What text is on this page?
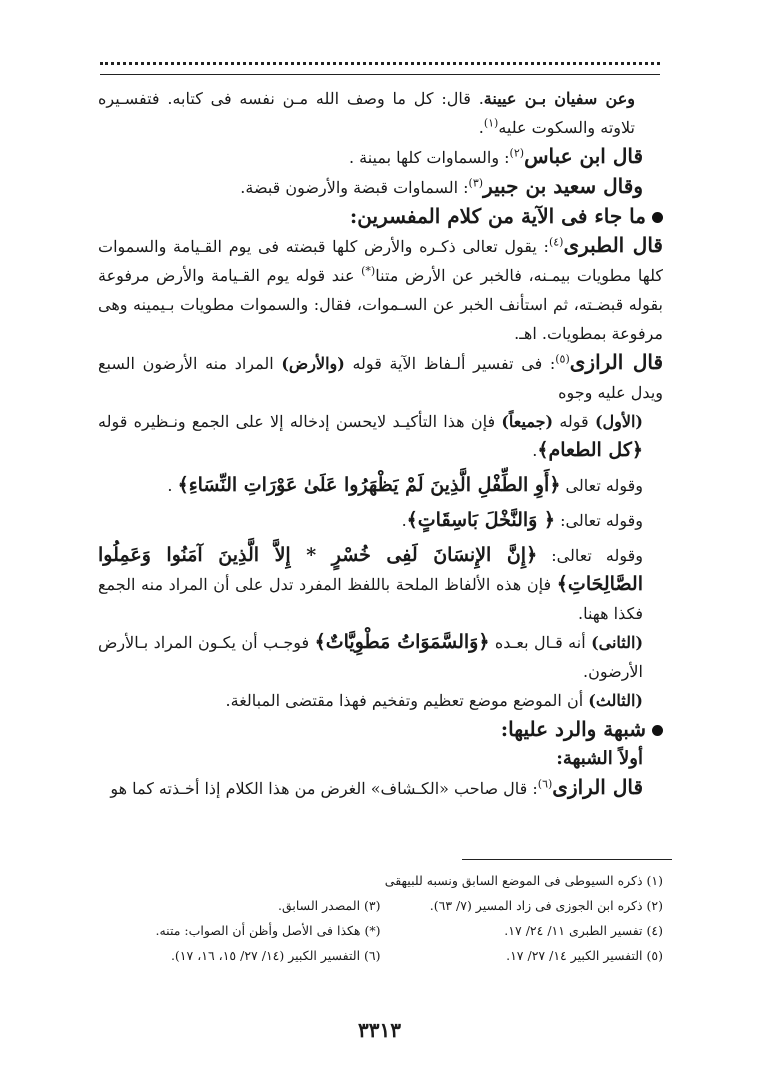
وعن سفيان بـن عيينة. قال: كل ما وصف الله مـن نفسه فى كتابه. فتفسـيره تلاوته والسكوت عليه$^{(١)}$.

قال ابن عباس$^{(٢)}$: والسماوات كلها بمينة .

وقال سعيد بن جبير$^{(٣)}$: السماوات قبضة والأرضون قبضة.

ما جاء فى الآية من كلام المفسرين:

قال الطبرى$^{(٤)}$: يقول تعالى ذكـره والأرض كلها قبضته فى يوم القـيامة والسموات كلها مطويات بيمـنه، فالخبر عن الأرض متنا(*) عند قوله يوم القـيامة والأرض مرفوعة بقوله قبضـته، ثم استأنف الخبر عن السـموات، فقال: والسموات مطويات بـيمينه وهى مرفوعة بمطويات. اهـ.

قال الرازى$^{(٥)}$: فى تفسير ألـفاظ الآية قوله (والأرض) المراد منه الأرضون السبع ويدل عليه وجوه

(الأول) قوله (جميعاً) فإن هذا التأكيـد لايحسن إدخاله إلا على الجمع ونـظيره قوله ﴿كل الطعام﴾.

وقوله تعالى ﴿أَوِ الطِّفْلِ الَّذِينَ لَمْ يَظْهَرُوا عَلَىٰ عَوْرَاتِ النِّسَاءِ﴾ .

وقوله تعالى: ﴿ وَالنَّخْلَ بَاسِقَاتٍ﴾.

وقوله تعالى: ﴿إِنَّ الإِنسَانَ لَفِى خُسْرٍ * إِلاَّ الَّذِينَ آمَنُوا وَعَمِلُوا الصَّالِحَاتِ﴾ فإن هذه الألفاظ الملحة باللفظ المفرد تدل على أن المراد منه الجمع فكذا ههنا.

(الثانى) أنه قـال بعـده ﴿وَالسَّمَوَاتُ مَطْوِيَّاتٌ﴾ فوجـب أن يكـون المراد بـالأرض الأرضون.

(الثالث) أن الموضع موضع تعظيم وتفخيم فهذا مقتضى المبالغة.

شبهة والرد عليها:

أولاً الشبهة:

قال الرازى$^{(٦)}$: قال صاحب «الكـشاف» الغرض من هذا الكلام إذا أخـذته كما هو

(١) ذكره السيوطى فى الموضع السابق ونسبه للبيهقى
(٢) ذكره ابن الجوزى فى زاد المسير (٧/ ٦٣).
(٣) المصدر السابق.
(٤) تفسير الطبرى ١١/ ٢٤/ ١٧.
(*) هكذا فى الأصل وأظن أن الصواب: متنه.
(٥) التفسير الكبير ١٤/ ٢٧/ ١٧.
(٦) التفسير الكبير (١٤/ ٢٧/ ١٥، ١٦، ١٧).
٣٣١٣
